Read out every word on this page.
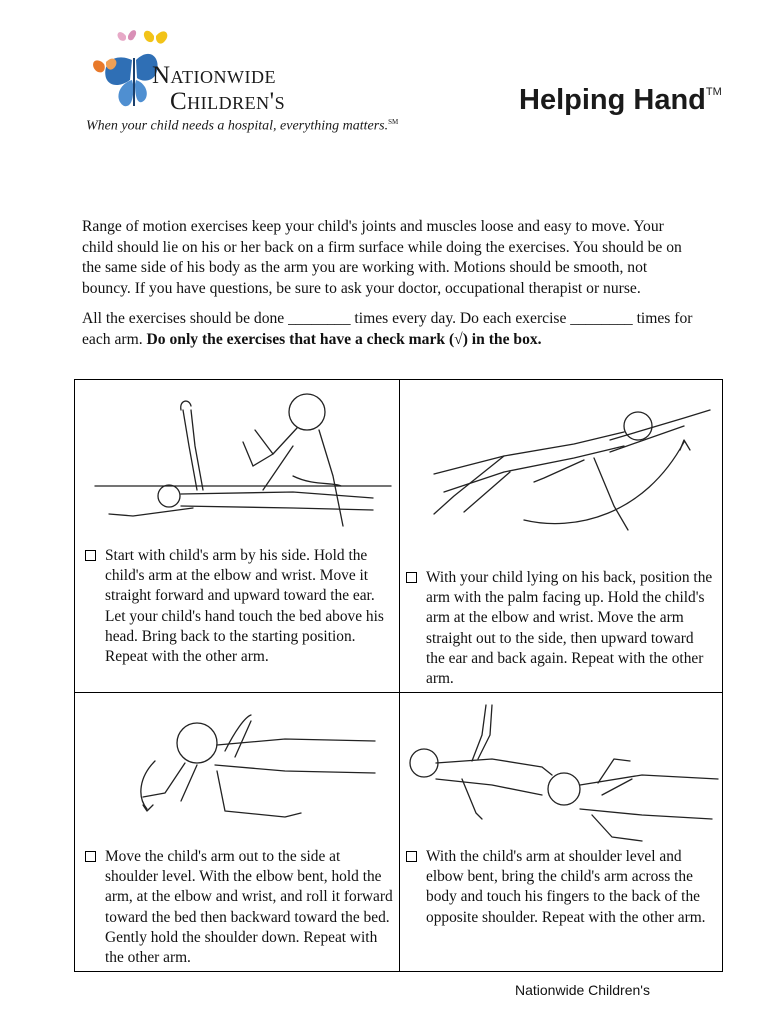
Nationwide
Children's
When your child needs a hospital, everything matters.℠
Helping Hand™

Range of motion exercises keep your child's joints and muscles loose and easy to move. Your child should lie on his or her back on a firm surface while doing the exercises. You should be on the same side of his body as the arm you are working with. Motions should be smooth, not bouncy. If you have questions, be sure to ask your doctor, occupational therapist or nurse.

All the exercises should be done ________ times every day. Do each exercise ________ times for each arm. Do only the exercises that have a check mark (√) in the box.

Start with child's arm by his side. Hold the child's arm at the elbow and wrist. Move it straight forward and upward toward the ear. Let your child's hand touch the bed above his head. Bring back to the starting position. Repeat with the other arm.
With your child lying on his back, position the arm with the palm facing up. Hold the child's arm at the elbow and wrist. Move the arm straight out to the side, then upward toward the ear and back again. Repeat with the other arm.
Move the child's arm out to the side at shoulder level. With the elbow bent, hold the arm, at the elbow and wrist, and roll it forward toward the bed then backward toward the bed. Gently hold the shoulder down. Repeat with the other arm.
With the child's arm at shoulder level and elbow bent, bring the child's arm across the body and touch his fingers to the back of the opposite shoulder. Repeat with the other arm.
Nationwide Children's
